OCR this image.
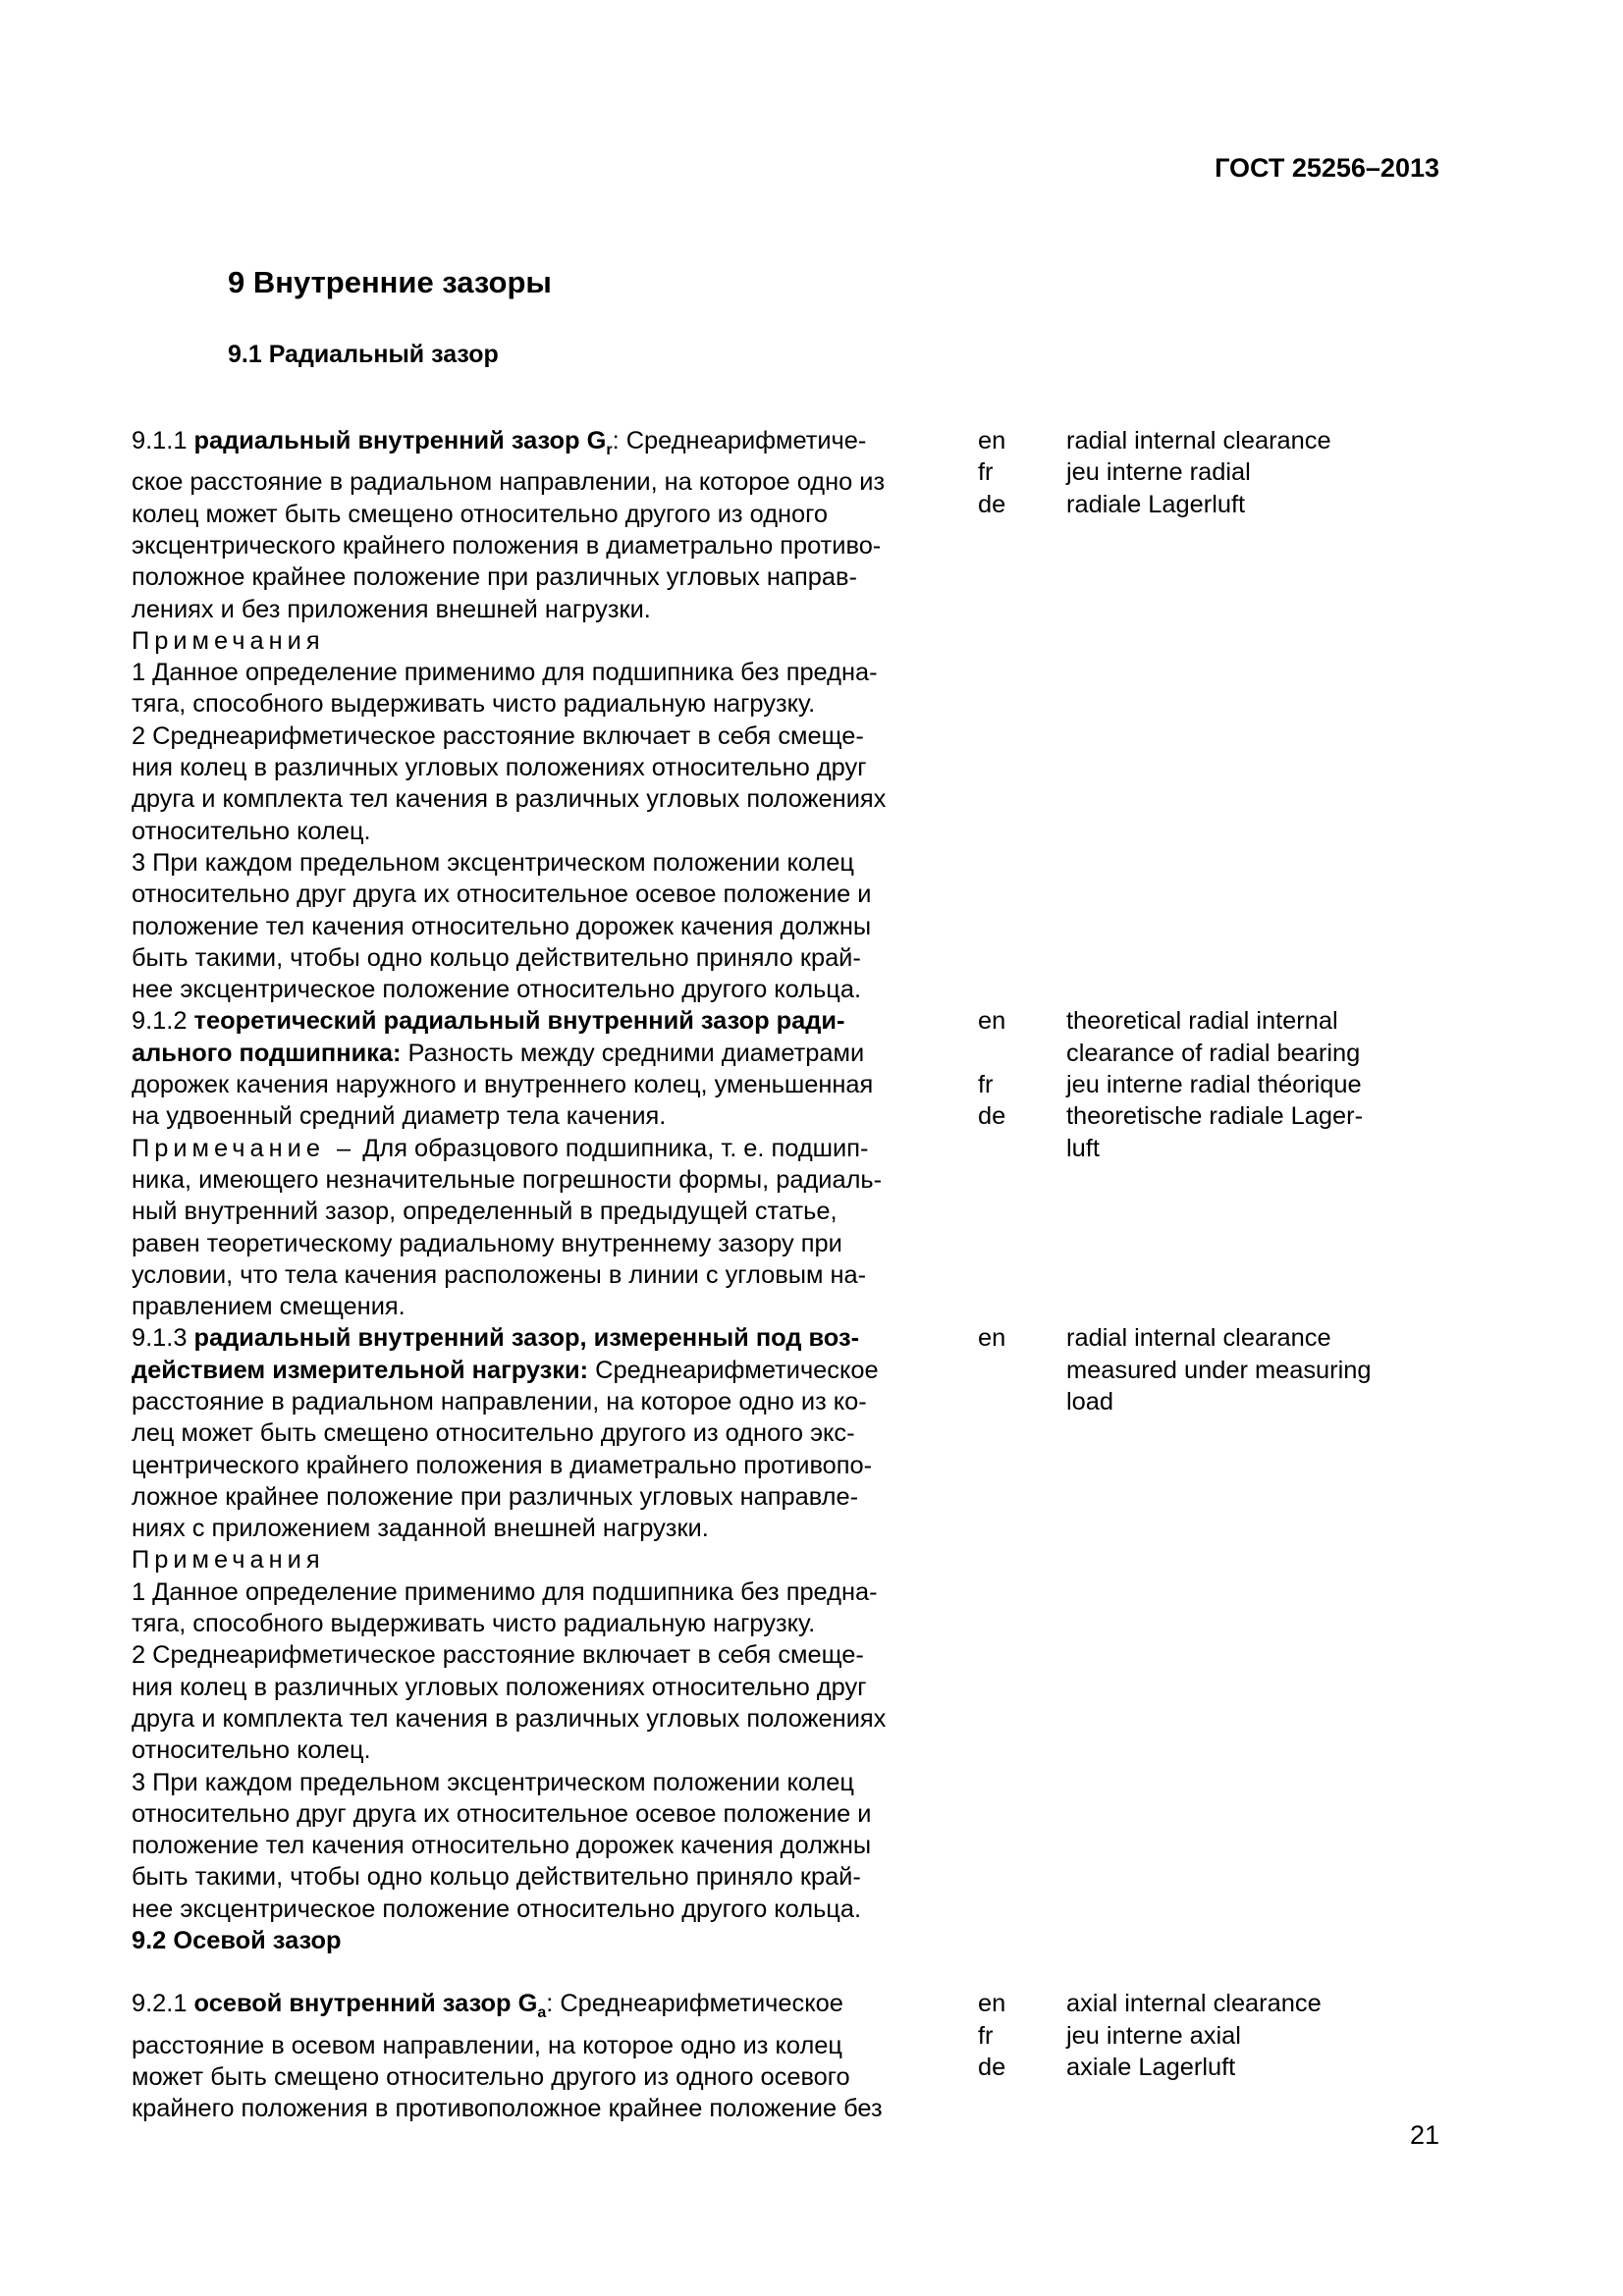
ГОСТ 25256–2013
9 Внутренние зазоры
9.1 Радиальный зазор

9.1.1 радиальный внутренний зазор $G_r$: Среднеарифметиче-

ское расстояние в радиальном направлении, на которое одно из

колец может быть смещено относительно другого из одного

эксцентрического крайнего положения в диаметрально противо-

положное крайнее положение при различных угловых направ-

лениях и без приложения внешней нагрузки.

Примечания

1 Данное определение применимо для подшипника без предна-

тяга, способного выдерживать чисто радиальную нагрузку.

2 Среднеарифметическое расстояние включает в себя смеще-

ния колец в различных угловых положениях относительно друг

друга и комплекта тел качения в различных угловых положениях

относительно колец.

3 При каждом предельном эксцентрическом положении колец

относительно друг друга их относительное осевое положение и

положение тел качения относительно дорожек качения должны

быть такими, чтобы одно кольцо действительно приняло край-

нее эксцентрическое положение относительно другого кольца.

en

fr

de

radial internal clearance

jeu interne radial

radiale Lagerluft

9.1.2 теоретический радиальный внутренний зазор ради-

ального подшипника: Разность между средними диаметрами

дорожек качения наружного и внутреннего колец, уменьшенная

на удвоенный средний диаметр тела качения.

Примечание – Для образцового подшипника, т. е. подшип-

ника, имеющего незначительные погрешности формы, радиаль-

ный внутренний зазор, определенный в предыдущей статье,

равен теоретическому радиальному внутреннему зазору при

условии, что тела качения расположены в линии с угловым на-

правлением смещения.

en

fr

de

theoretical radial internal

clearance of radial bearing

jeu interne radial théorique

theoretische radiale Lager-

luft

9.1.3 радиальный внутренний зазор, измеренный под воз-

действием измерительной нагрузки: Среднеарифметическое

расстояние в радиальном направлении, на которое одно из ко-

лец может быть смещено относительно другого из одного экс-

центрического крайнего положения в диаметрально противопо-

ложное крайнее положение при различных угловых направле-

ниях с приложением заданной внешней нагрузки.

Примечания

1 Данное определение применимо для подшипника без предна-

тяга, способного выдерживать чисто радиальную нагрузку.

2 Среднеарифметическое расстояние включает в себя смеще-

ния колец в различных угловых положениях относительно друг

друга и комплекта тел качения в различных угловых положениях

относительно колец.

3 При каждом предельном эксцентрическом положении колец

относительно друг друга их относительное осевое положение и

положение тел качения относительно дорожек качения должны

быть такими, чтобы одно кольцо действительно приняло край-

нее эксцентрическое положение относительно другого кольца.

en	radial internal clearance

measured under measuring

load

9.2 Осевой зазор

9.2.1 осевой внутренний зазор $G_a$: Среднеарифметическое

расстояние в осевом направлении, на которое одно из колец

может быть смещено относительно другого из одного осевого

крайнего положения в противоположное крайнее положение без

en

fr

de

axial internal clearance

jeu interne axial

axiale Lagerluft

21
